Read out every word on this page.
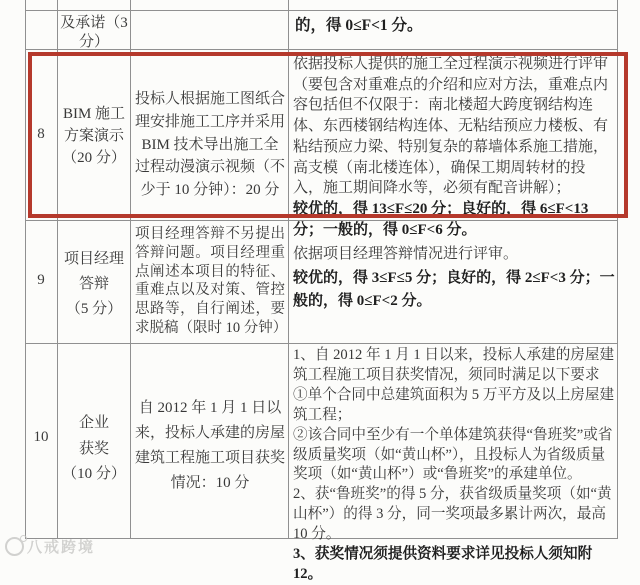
及承诺（3
分）
的，得 0≤F<1 分。
8
BIM 施工
方案演示
（20 分）
投标人根据施工图纸合理安排施工工序并采用 BIM 技术导出施工全过程动漫演示视频（不少于 10 分钟）：20 分

依据投标人提供的施工全过程演示视频进行评审（要包含对重难点的介绍和应对方法，重难点内容包括但不仅限于：南北楼超大跨度钢结构连体、东西楼钢结构连体、无粘结预应力楼板、有粘结预应力梁、特别复杂的幕墙体系施工措施，高支模（南北楼连体），确保工期周转材的投入，施工期间降水等，必须有配音讲解）；

较优的，得 13≤F≤20 分；良好的，得 6≤F<13 分；一般的，得 0≤F<6 分。

9
项目经理
答辩
（5 分）
项目经理答辩不另提出答辩问题。项目经理重点阐述本项目的特征、重难点以及对策、管控思路等，自行阐述，要求脱稿（限时 10 分钟）

依据项目经理答辩情况进行评审。

较优的，得 3≤F≤5 分；良好的，得 2≤F<3 分；一般的，得 0≤F<2 分。

10
企业
获奖
（10 分）
自 2012 年 1 月 1 日以来，投标人承建的房屋建筑工程施工项目获奖情况：10 分

1、自 2012 年 1 月 1 日以来，投标人承建的房屋建筑工程施工项目获奖情况，须同时满足以下要求

①单个合同中总建筑面积为 5 万平方及以上房屋建筑工程；

②该合同中至少有一个单体建筑获得“鲁班奖”或省级质量奖项（如“黄山杯”），且投标人为省级质量奖项（如“黄山杯”）或“鲁班奖”的承建单位。

2、获“鲁班奖”的得 5 分，获省级质量奖项（如“黄山杯”）的得 3 分，同一奖项最多累计两次，最高 10 分。

3、获奖情况须提供资料要求详见投标人须知附 12。

八戒跨境
